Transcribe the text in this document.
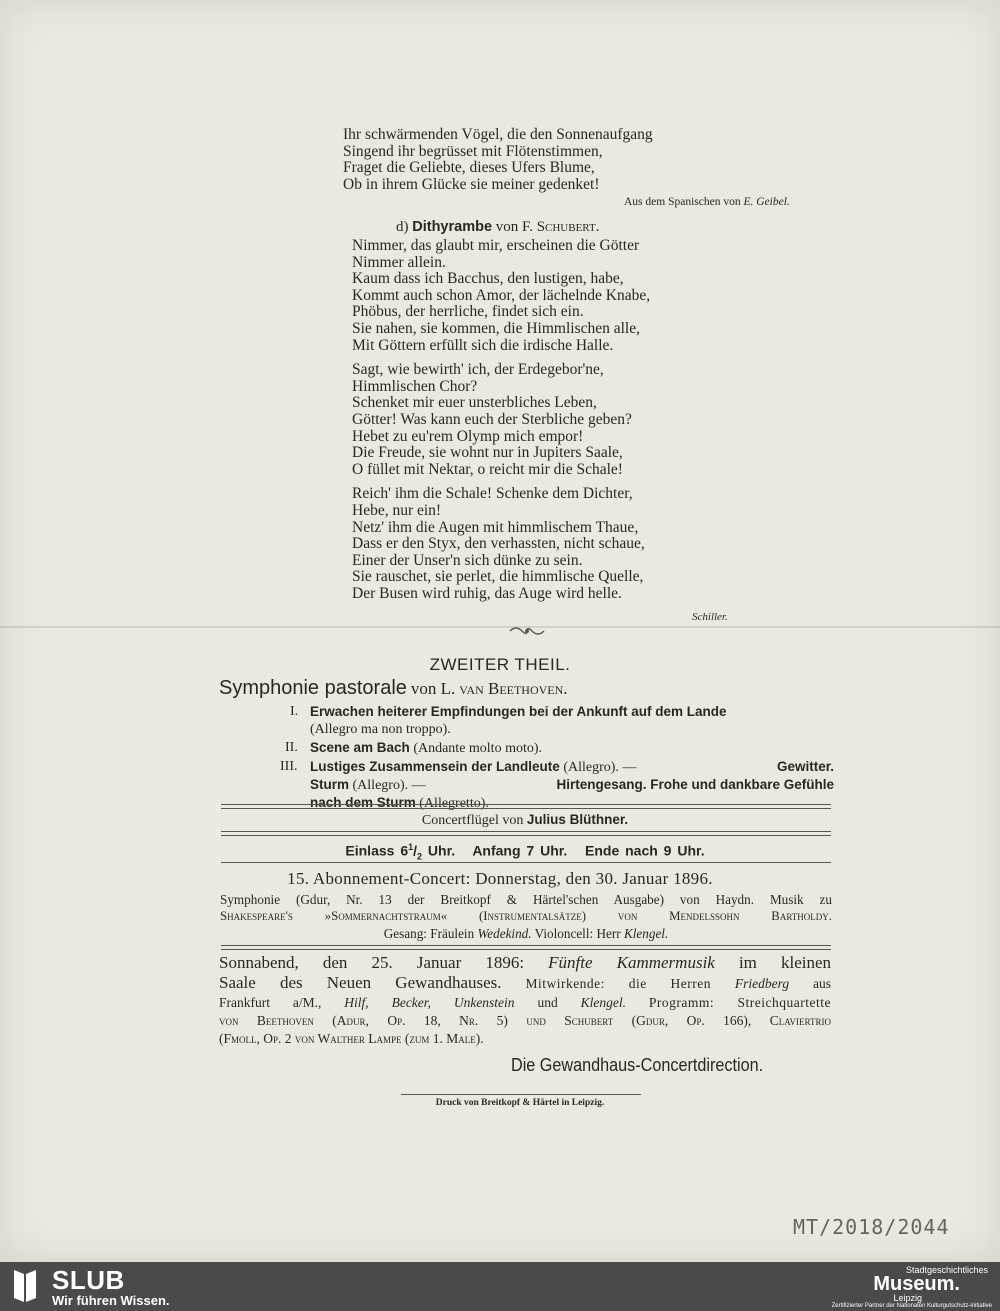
Ihr schwärmenden Vögel, die den Sonnenaufgang
Singend ihr begrüsset mit Flötenstimmen,
Fraget die Geliebte, dieses Ufers Blume,
Ob in ihrem Glücke sie meiner gedenket!
Aus dem Spanischen von E. Geibel.
d) Dithyrambe von F. Schubert.
Nimmer, das glaubt mir, erscheinen die Götter
Nimmer allein.
Kaum dass ich Bacchus, den lustigen, habe,
Kommt auch schon Amor, der lächelnde Knabe,
Phöbus, der herrliche, findet sich ein.
Sie nahen, sie kommen, die Himmlischen alle,
Mit Göttern erfüllt sich die irdische Halle.
Sagt, wie bewirth' ich, der Erdegebor'ne,
Himmlischen Chor?
Schenket mir euer unsterbliches Leben,
Götter! Was kann euch der Sterbliche geben?
Hebet zu eu'rem Olymp mich empor!
Die Freude, sie wohnt nur in Jupiters Saale,
O füllet mit Nektar, o reicht mir die Schale!
Reich' ihm die Schale! Schenke dem Dichter,
Hebe, nur ein!
Netz' ihm die Augen mit himmlischem Thaue,
Dass er den Styx, den verhassten, nicht schaue,
Einer der Unser'n sich dünke zu sein.
Sie rauschet, sie perlet, die himmlische Quelle,
Der Busen wird ruhig, das Auge wird helle.
Schiller.
ZWEITER THEIL.
Symphonie pastorale von L. van Beethoven.
I. Erwachen heiterer Empfindungen bei der Ankunft auf dem Lande
(Allegro ma non troppo).
II. Scene am Bach (Andante molto moto).
III. Lustiges Zusammensein der Landleute (Allegro). —	Gewitter.
Sturm (Allegro). —	Hirtengesang. Frohe und dankbare Gefühle
nach dem Sturm (Allegretto).
Concertflügel von Julius Blüthner.
Einlass $6^1/_2$ Uhr. Anfang 7 Uhr. Ende nach 9 Uhr.
15. Abonnement-Concert: Donnerstag, den 30. Januar 1896.
Symphonie (Gdur, Nr. 13 der Breitkopf & Härtel'schen Ausgabe) von Haydn. Musik zu
Shakespeare's »Sommernachtstraum« (Instrumentalsätze) von Mendelssohn Bartholdy.
Gesang: Fräulein Wedekind. Violoncell: Herr Klengel.
Sonnabend, den 25. Januar 1896: Fünfte Kammermusik im kleinen
Saale des Neuen Gewandhauses. Mitwirkende: die Herren Friedberg aus
Frankfurt a/M., Hilf, Becker, Unkenstein und Klengel. Programm: Streichquartette
von Beethoven (Adur, Op. 18, Nr. 5) und Schubert (Gdur, Op. 166), Claviertrio
(Fmoll, Op. 2 von Walther Lampe (zum 1. Male).
Die Gewandhaus-Concertdirection.
Druck von Breitkopf & Härtel in Leipzig.
MT/2018/2044
SLUB
Wir führen Wissen.
Stadtgeschichtliches
Museum.
Leipzig
Zertifizierter Partner der Nationalen Kulturgutschutz-initiative
